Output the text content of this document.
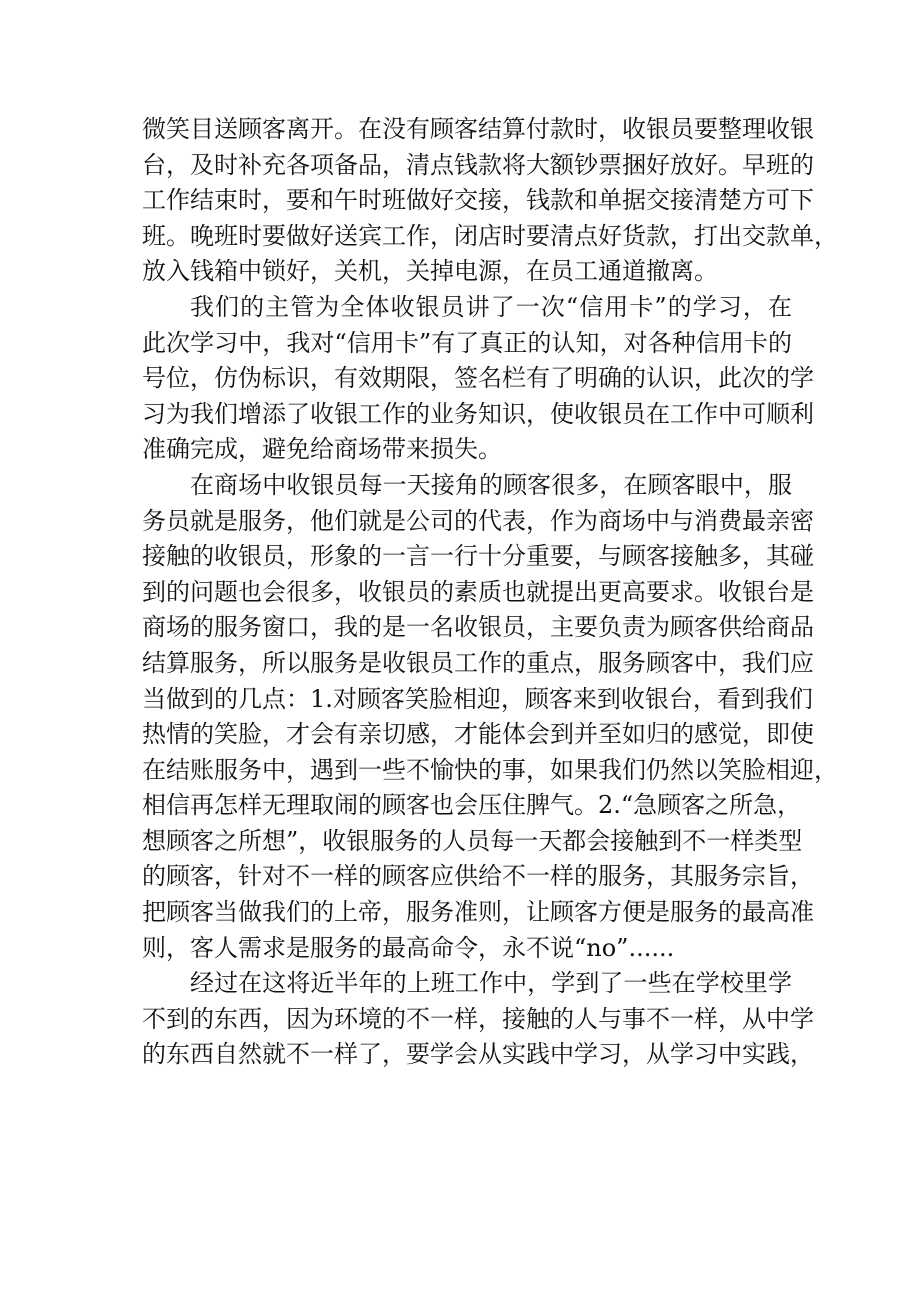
微笑目送顾客离开。在没有顾客结算付款时，收银员要整理收银
台，及时补充各项备品，清点钱款将大额钞票捆好放好。早班的
工作结束时，要和午时班做好交接，钱款和单据交接清楚方可下
班。晚班时要做好送宾工作，闭店时要清点好货款，打出交款单，
放入钱箱中锁好，关机，关掉电源，在员工通道撤离。
我们的主管为全体收银员讲了一次“信用卡”的学习，在
此次学习中，我对“信用卡”有了真正的认知，对各种信用卡的
号位，仿伪标识，有效期限，签名栏有了明确的认识，此次的学
习为我们增添了收银工作的业务知识，使收银员在工作中可顺利
准确完成，避免给商场带来损失。
在商场中收银员每一天接角的顾客很多，在顾客眼中，服
务员就是服务，他们就是公司的代表，作为商场中与消费最亲密
接触的收银员，形象的一言一行十分重要，与顾客接触多，其碰
到的问题也会很多，收银员的素质也就提出更高要求。收银台是
商场的服务窗口，我的是一名收银员，主要负责为顾客供给商品
结算服务，所以服务是收银员工作的重点，服务顾客中，我们应
当做到的几点：1.对顾客笑脸相迎，顾客来到收银台，看到我们
热情的笑脸，才会有亲切感，才能体会到并至如归的感觉，即使
在结账服务中，遇到一些不愉快的事，如果我们仍然以笑脸相迎，
相信再怎样无理取闹的顾客也会压住脾气。2.“急顾客之所急，
想顾客之所想”，收银服务的人员每一天都会接触到不一样类型
的顾客，针对不一样的顾客应供给不一样的服务，其服务宗旨，
把顾客当做我们的上帝，服务准则，让顾客方便是服务的最高准
则，客人需求是服务的最高命令，永不说“no”......
经过在这将近半年的上班工作中，学到了一些在学校里学
不到的东西，因为环境的不一样，接触的人与事不一样，从中学
的东西自然就不一样了，要学会从实践中学习，从学习中实践，
